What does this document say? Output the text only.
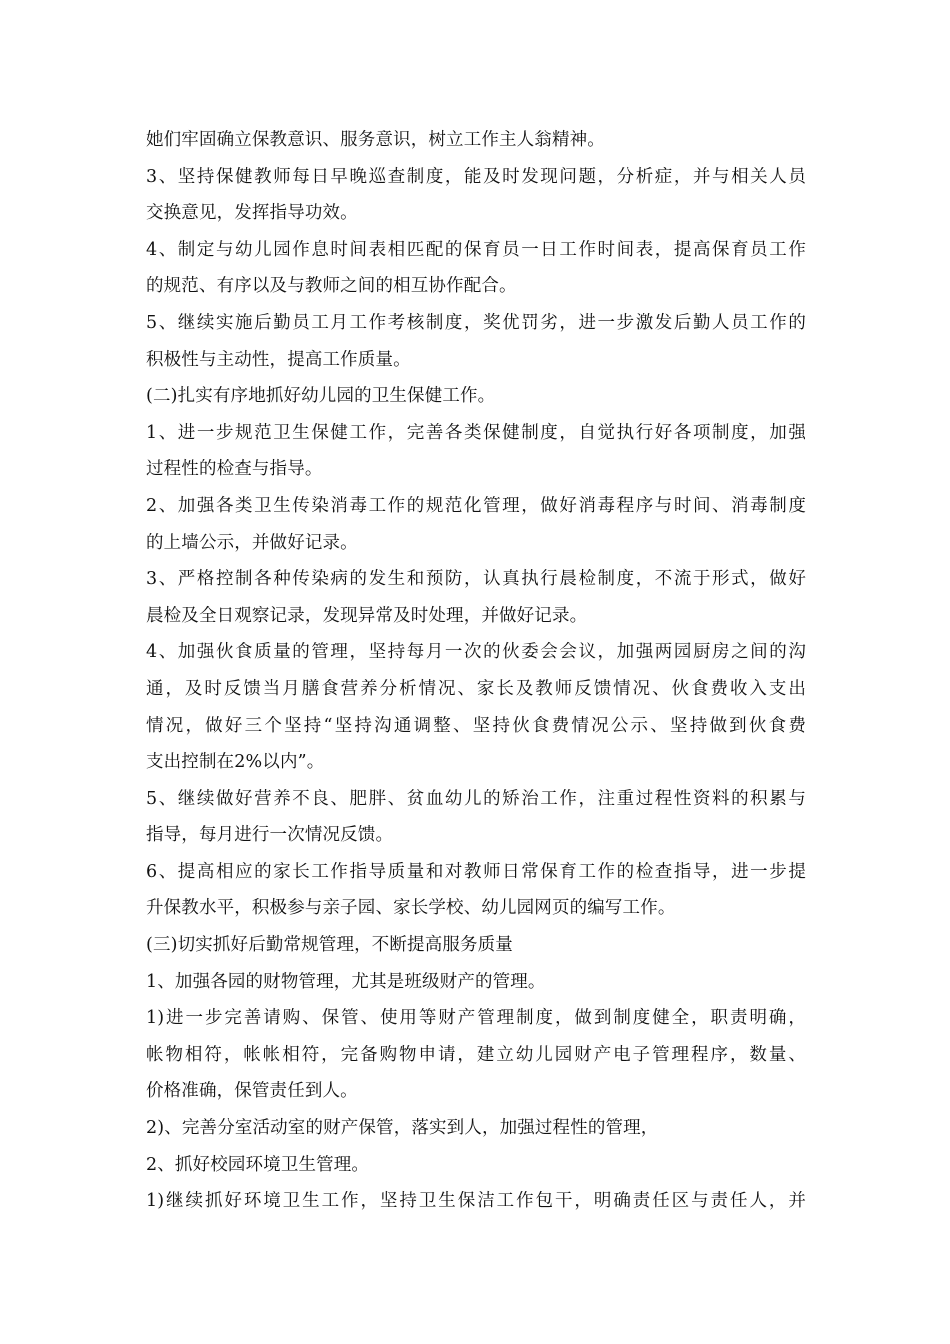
她们牢固确立保教意识、服务意识，树立工作主人翁精神。
3、坚持保健教师每日早晚巡查制度，能及时发现问题，分析症，并与相关人员
交换意见，发挥指导功效。
4、制定与幼儿园作息时间表相匹配的保育员一日工作时间表，提高保育员工作
的规范、有序以及与教师之间的相互协作配合。
5、继续实施后勤员工月工作考核制度，奖优罚劣，进一步激发后勤人员工作的
积极性与主动性，提高工作质量。
(二)扎实有序地抓好幼儿园的卫生保健工作。
1、进一步规范卫生保健工作，完善各类保健制度，自觉执行好各项制度，加强
过程性的检查与指导。
2、加强各类卫生传染消毒工作的规范化管理，做好消毒程序与时间、消毒制度
的上墙公示，并做好记录。
3、严格控制各种传染病的发生和预防，认真执行晨检制度，不流于形式，做好
晨检及全日观察记录，发现异常及时处理，并做好记录。
4、加强伙食质量的管理，坚持每月一次的伙委会会议，加强两园厨房之间的沟
通，及时反馈当月膳食营养分析情况、家长及教师反馈情况、伙食费收入支出
情况，做好三个坚持“坚持沟通调整、坚持伙食费情况公示、坚持做到伙食费
支出控制在2%以内”。
5、继续做好营养不良、肥胖、贫血幼儿的矫治工作，注重过程性资料的积累与
指导，每月进行一次情况反馈。
6、提高相应的家长工作指导质量和对教师日常保育工作的检查指导，进一步提
升保教水平，积极参与亲子园、家长学校、幼儿园网页的编写工作。
(三)切实抓好后勤常规管理，不断提高服务质量
1、加强各园的财物管理，尤其是班级财产的管理。
1)进一步完善请购、保管、使用等财产管理制度，做到制度健全，职责明确，
帐物相符，帐帐相符，完备购物申请，建立幼儿园财产电子管理程序，数量、
价格准确，保管责任到人。
2)、完善分室活动室的财产保管，落实到人，加强过程性的管理，
2、抓好校园环境卫生管理。
1)继续抓好环境卫生工作，坚持卫生保洁工作包干，明确责任区与责任人，并
